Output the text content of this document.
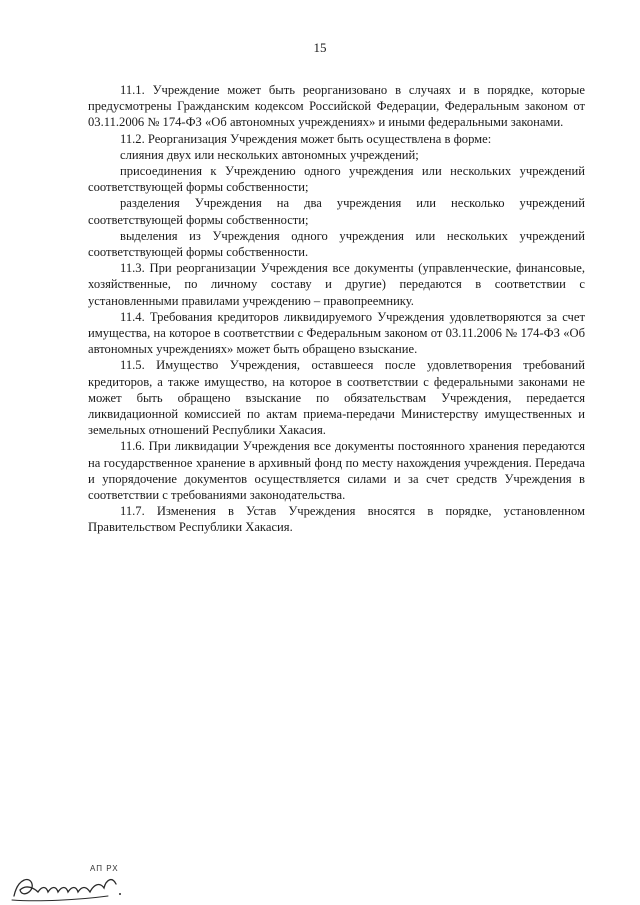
15

11.1. Учреждение может быть реорганизовано в случаях и в порядке, которые предусмотрены Гражданским кодексом Российской Федерации, Федеральным законом от 03.11.2006 № 174-ФЗ «Об автономных учреждениях» и иными федеральными законами.

11.2. Реорганизация Учреждения может быть осуществлена в форме:

слияния двух или нескольких автономных учреждений;

присоединения к Учреждению одного учреждения или нескольких учреждений соответствующей формы собственности;

разделения Учреждения на два учреждения или несколько учреждений соответствующей формы собственности;

выделения из Учреждения одного учреждения или нескольких учреждений соответствующей формы собственности.

11.3. При реорганизации Учреждения все документы (управленческие, финансовые, хозяйственные, по личному составу и другие) передаются в соответствии с установленными правилами учреждению – правопреемнику.

11.4. Требования кредиторов ликвидируемого Учреждения удовлетворяются за счет имущества, на которое в соответствии с Федеральным законом от 03.11.2006 № 174-ФЗ «Об автономных учреждениях» может быть обращено взыскание.

11.5. Имущество Учреждения, оставшееся после удовлетворения требований кредиторов, а также имущество, на которое в соответствии с федеральными законами не может быть обращено взыскание по обязательствам Учреждения, передается ликвидационной комиссией по актам приема-передачи Министерству имущественных и земельных отношений Республики Хакасия.

11.6. При ликвидации Учреждения все документы постоянного хранения передаются на государственное хранение в архивный фонд по месту нахождения учреждения. Передача и упорядочение документов осуществляется силами и за счет средств Учреждения в соответствии с требованиями законодательства.

11.7. Изменения в Устав Учреждения вносятся в порядке, установленном Правительством Республики Хакасия.

АП РХ
